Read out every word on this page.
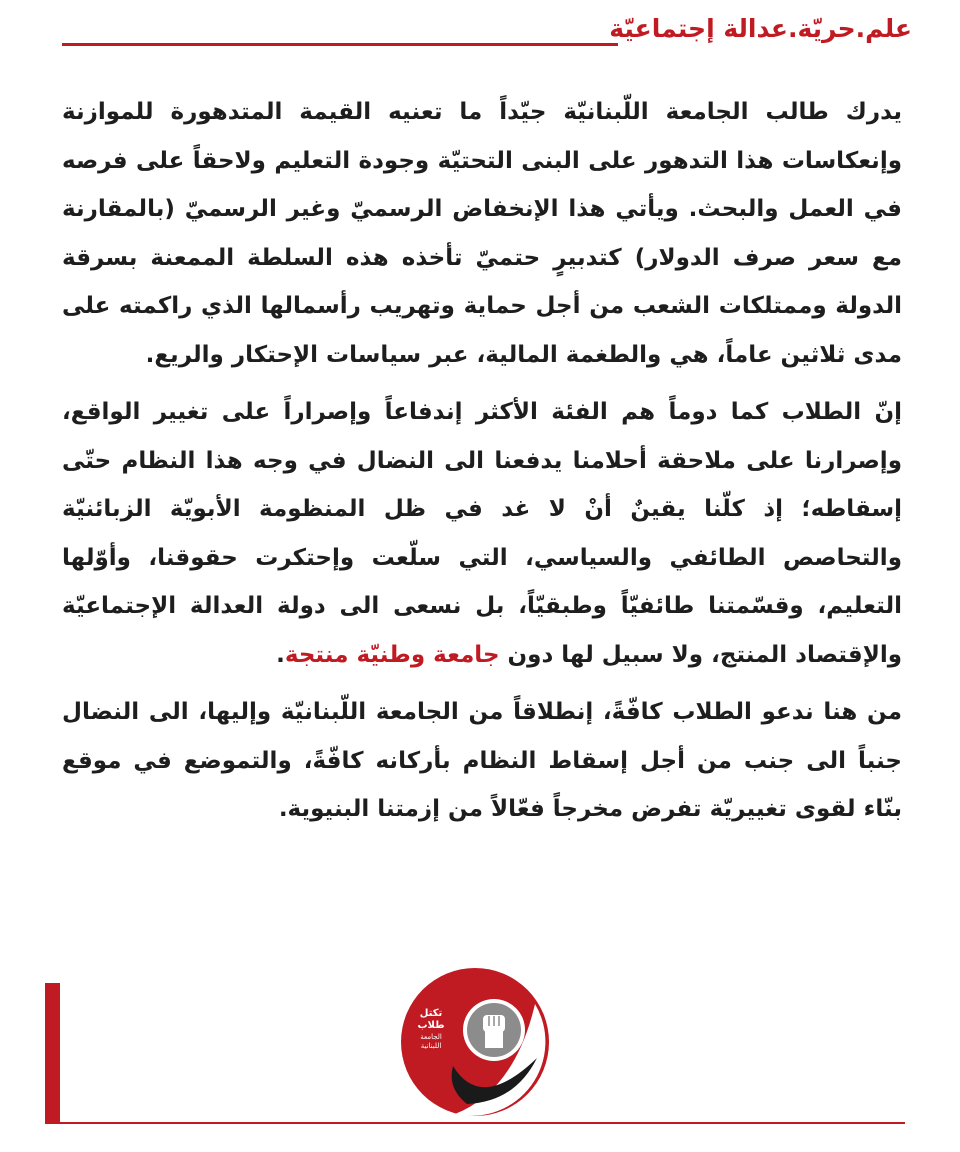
علم.حريّة.عدالة إجتماعيّة

يدرك طالب الجامعة اللّبنانيّة جيّداً ما تعنيه القيمة المتدهورة للموازنة وإنعكاسات هذا التدهور على البنى التحتيّة وجودة التعليم ولاحقاً على فرصه في العمل والبحث. ويأتي هذا الإنخفاض الرسميّ وغير الرسميّ (بالمقارنة مع سعر صرف الدولار) كتدبيرٍ حتميّ تأخذه هذه السلطة الممعنة بسرقة الدولة وممتلكات الشعب من أجل حماية وتهريب رأسمالها الذي راكمته على مدى ثلاثين عاماً، هي والطغمة المالية، عبر سياسات الإحتكار والريع.

إنّ الطلاب كما دوماً هم الفئة الأكثر إندفاعاً وإصراراً على تغيير الواقع، وإصرارنا على ملاحقة أحلامنا يدفعنا الى النضال في وجه هذا النظام حتّى إسقاطه؛ إذ كلّنا يقينٌ أنْ لا غد في ظل المنظومة الأبويّة الزبائنيّة والتحاصص الطائفي والسياسي، التي سلّعت وإحتكرت حقوقنا، وأوّلها التعليم، وقسّمتنا طائفيّاً وطبقيّاً، بل نسعى الى دولة العدالة الإجتماعيّة والإقتصاد المنتج، ولا سبيل لها دون جامعة وطنيّة منتجة.

من هنا ندعو الطلاب كافّةً، إنطلاقاً من الجامعة اللّبنانيّة وإليها، الى النضال جنباً الى جنب من أجل إسقاط النظام بأركانه كافّةً، والتموضع في موقع بنّاء لقوى تغييريّة تفرض مخرجاً فعّالاً من إزمتنا البنيوية.

تكتل
طلاب
الجامعة
اللبنانية
